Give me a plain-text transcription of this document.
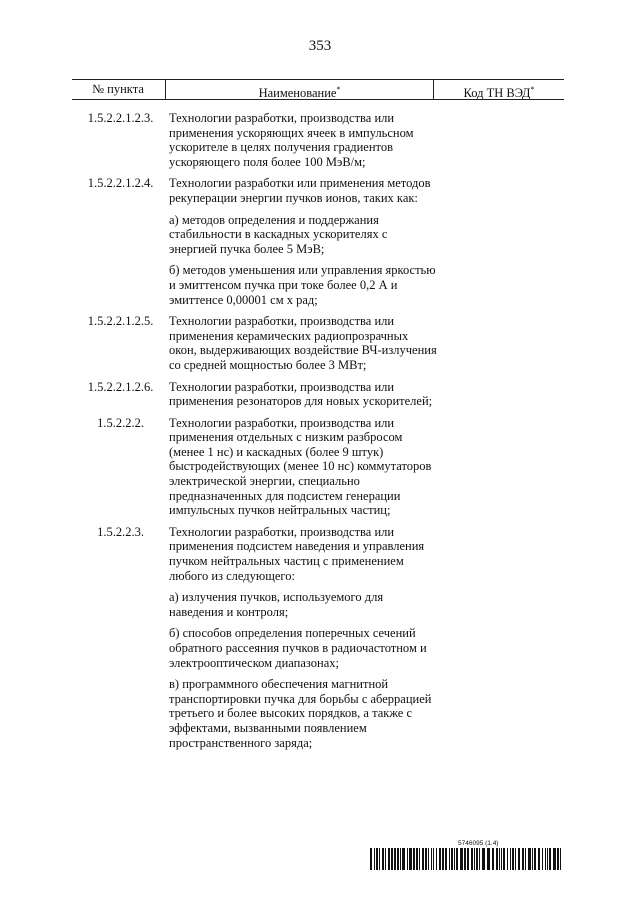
353
№ пункта	Наименование*	Код ТН ВЭД*
1.5.2.2.1.2.3.	Технологии разработки, производства или применения ускоряющих ячеек в импульсном ускорителе в целях получения градиентов ускоряющего поля более 100 МэВ/м;

1.5.2.2.1.2.4.	Технологии разработки или применения методов рекуперации энергии пучков ионов, таких как:

а) методов определения и поддержания стабильности в каскадных ускорителях с энергией пучка более 5 МэВ;

б) методов уменьшения или управления яркостью и эмиттенсом пучка при токе более 0,2 А и эмиттенсе 0,00001 см х рад;

1.5.2.2.1.2.5.	Технологии разработки, производства или применения керамических радиопрозрачных окон, выдерживающих воздействие ВЧ-излучения со средней мощностью более 3 МВт;

1.5.2.2.1.2.6.	Технологии разработки, производства или применения резонаторов для новых ускорителей;

1.5.2.2.2.	Технологии разработки, производства или применения отдельных с низким разбросом (менее 1 нс) и каскадных (более 9 штук) быстродействующих (менее 10 нс) коммутаторов электрической энергии, специально предназначенных для подсистем генерации импульсных пучков нейтральных частиц;

1.5.2.2.3.	Технологии разработки, производства или применения подсистем наведения и управления пучком нейтральных частиц с применением любого из следующего:

а) излучения пучков, используемого для наведения и контроля;

б) способов определения поперечных сечений обратного рассеяния пучков в радиочастотном и электрооптическом диапазонах;

в) программного обеспечения магнитной транспортировки пучка для борьбы с аберрацией третьего и более высоких порядков, а также с эффектами, вызванными появлением пространственного заряда;

5746095 (1.4)
